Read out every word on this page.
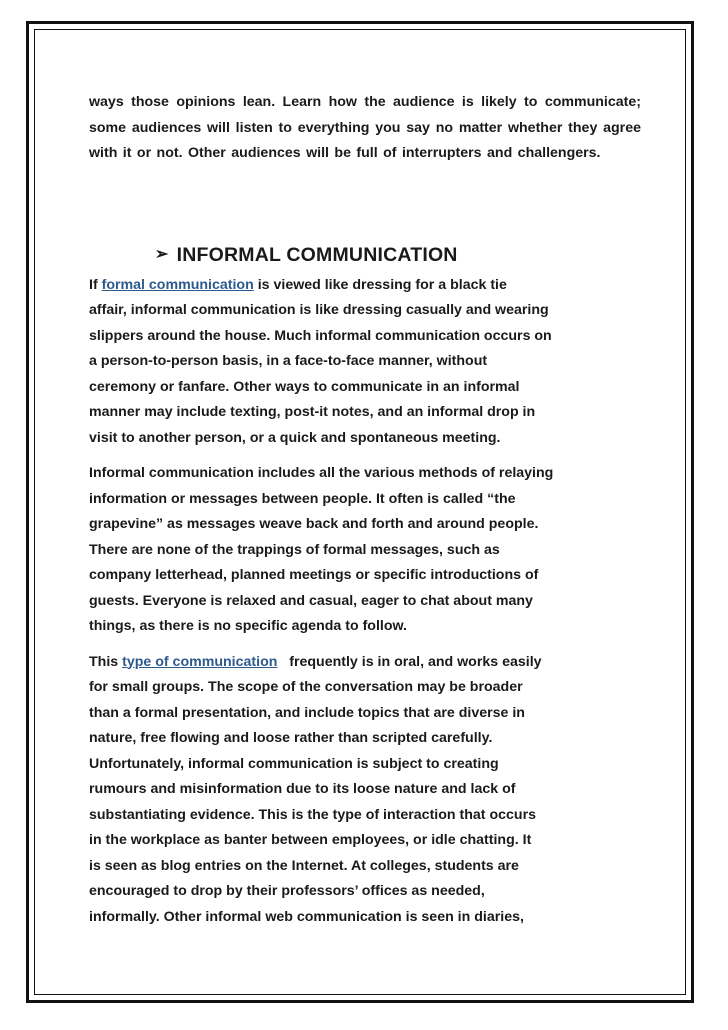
ways those opinions lean. Learn how the audience is likely to communicate; some audiences will listen to everything you say no matter whether they agree with it or not. Other audiences will be full of interrupters and challengers.

➢ INFORMAL COMMUNICATION
If formal communication is viewed like dressing for a black tie
affair, informal communication is like dressing casually and wearing
slippers around the house. Much informal communication occurs on
a person-to-person basis, in a face-to-face manner, without
ceremony or fanfare. Other ways to communicate in an informal
manner may include texting, post-it notes, and an informal drop in
visit to another person, or a quick and spontaneous meeting.
Informal communication includes all the various methods of relaying
information or messages between people. It often is called “the
grapevine” as messages weave back and forth and around people.
There are none of the trappings of formal messages, such as
company letterhead, planned meetings or specific introductions of
guests. Everyone is relaxed and casual, eager to chat about many
things, as there is no specific agenda to follow.
This type of communication   frequently is in oral, and works easily
for small groups. The scope of the conversation may be broader
than a formal presentation, and include topics that are diverse in
nature, free flowing and loose rather than scripted carefully.
Unfortunately, informal communication is subject to creating
rumours and misinformation due to its loose nature and lack of
substantiating evidence. This is the type of interaction that occurs
in the workplace as banter between employees, or idle chatting. It
is seen as blog entries on the Internet. At colleges, students are
encouraged to drop by their professors’ offices as needed,
informally. Other informal web communication is seen in diaries,
